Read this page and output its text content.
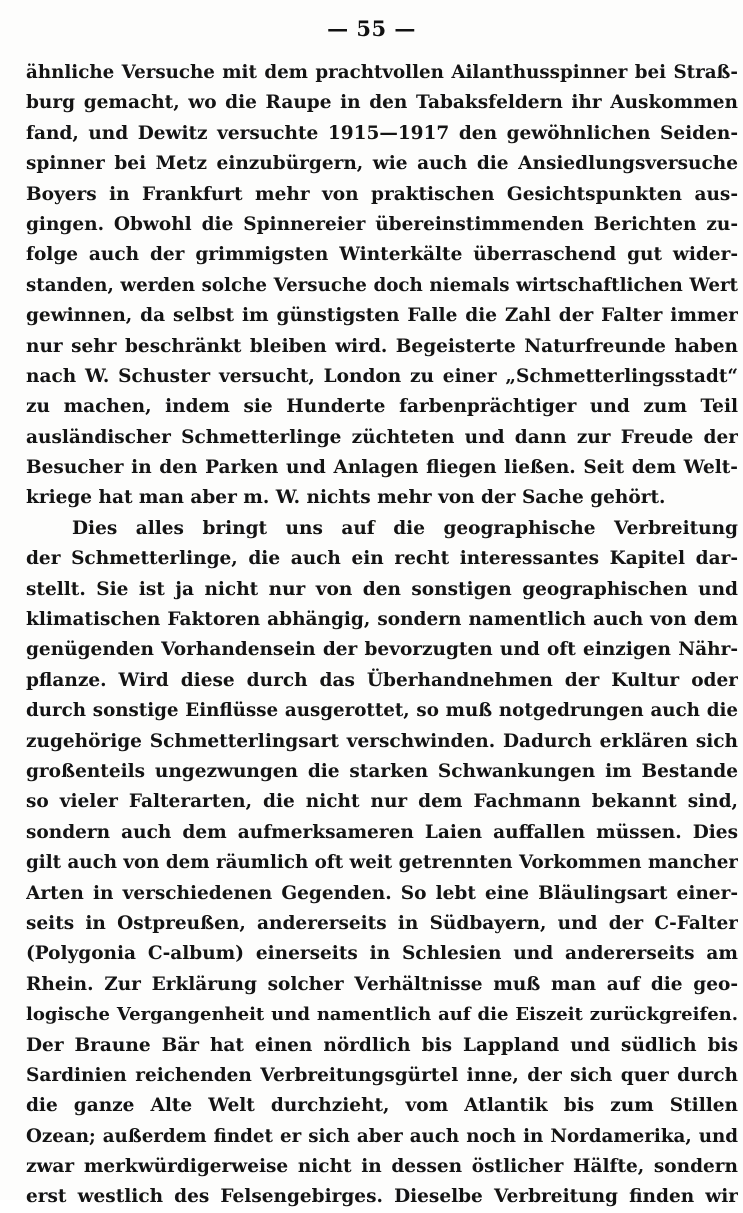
— 55 —
ähnliche Versuche mit dem prachtvollen Ailanthusspinner bei Straß-
burg gemacht, wo die Raupe in den Tabaksfeldern ihr Auskommen
fand, und Dewitz versuchte 1915—1917 den gewöhnlichen Seiden-
spinner bei Metz einzubürgern, wie auch die Ansiedlungsversuche
Boyers in Frankfurt mehr von praktischen Gesichtspunkten aus-
gingen. Obwohl die Spinnereier übereinstimmenden Berichten zu-
folge auch der grimmigsten Winterkälte überraschend gut wider-
standen, werden solche Versuche doch niemals wirtschaftlichen Wert
gewinnen, da selbst im günstigsten Falle die Zahl der Falter immer
nur sehr beschränkt bleiben wird. Begeisterte Naturfreunde haben
nach W. Schuster versucht, London zu einer „Schmetterlingsstadt“
zu machen, indem sie Hunderte farbenprächtiger und zum Teil
ausländischer Schmetterlinge züchteten und dann zur Freude der
Besucher in den Parken und Anlagen fliegen ließen. Seit dem Welt-
kriege hat man aber m. W. nichts mehr von der Sache gehört.
Dies alles bringt uns auf die geographische Verbreitung
der Schmetterlinge, die auch ein recht interessantes Kapitel dar-
stellt. Sie ist ja nicht nur von den sonstigen geographischen und
klimatischen Faktoren abhängig, sondern namentlich auch von dem
genügenden Vorhandensein der bevorzugten und oft einzigen Nähr-
pflanze. Wird diese durch das Überhandnehmen der Kultur oder
durch sonstige Einflüsse ausgerottet, so muß notgedrungen auch die
zugehörige Schmetterlingsart verschwinden. Dadurch erklären sich
großenteils ungezwungen die starken Schwankungen im Bestande
so vieler Falterarten, die nicht nur dem Fachmann bekannt sind,
sondern auch dem aufmerksameren Laien auffallen müssen. Dies
gilt auch von dem räumlich oft weit getrennten Vorkommen mancher
Arten in verschiedenen Gegenden. So lebt eine Bläulingsart einer-
seits in Ostpreußen, andererseits in Südbayern, und der C-Falter
(Polygonia C-album) einerseits in Schlesien und andererseits am
Rhein. Zur Erklärung solcher Verhältnisse muß man auf die geo-
logische Vergangenheit und namentlich auf die Eiszeit zurückgreifen.
Der Braune Bär hat einen nördlich bis Lappland und südlich bis
Sardinien reichenden Verbreitungsgürtel inne, der sich quer durch
die ganze Alte Welt durchzieht, vom Atlantik bis zum Stillen
Ozean; außerdem findet er sich aber auch noch in Nordamerika, und
zwar merkwürdigerweise nicht in dessen östlicher Hälfte, sondern
erst westlich des Felsengebirges. Dieselbe Verbreitung finden wir
